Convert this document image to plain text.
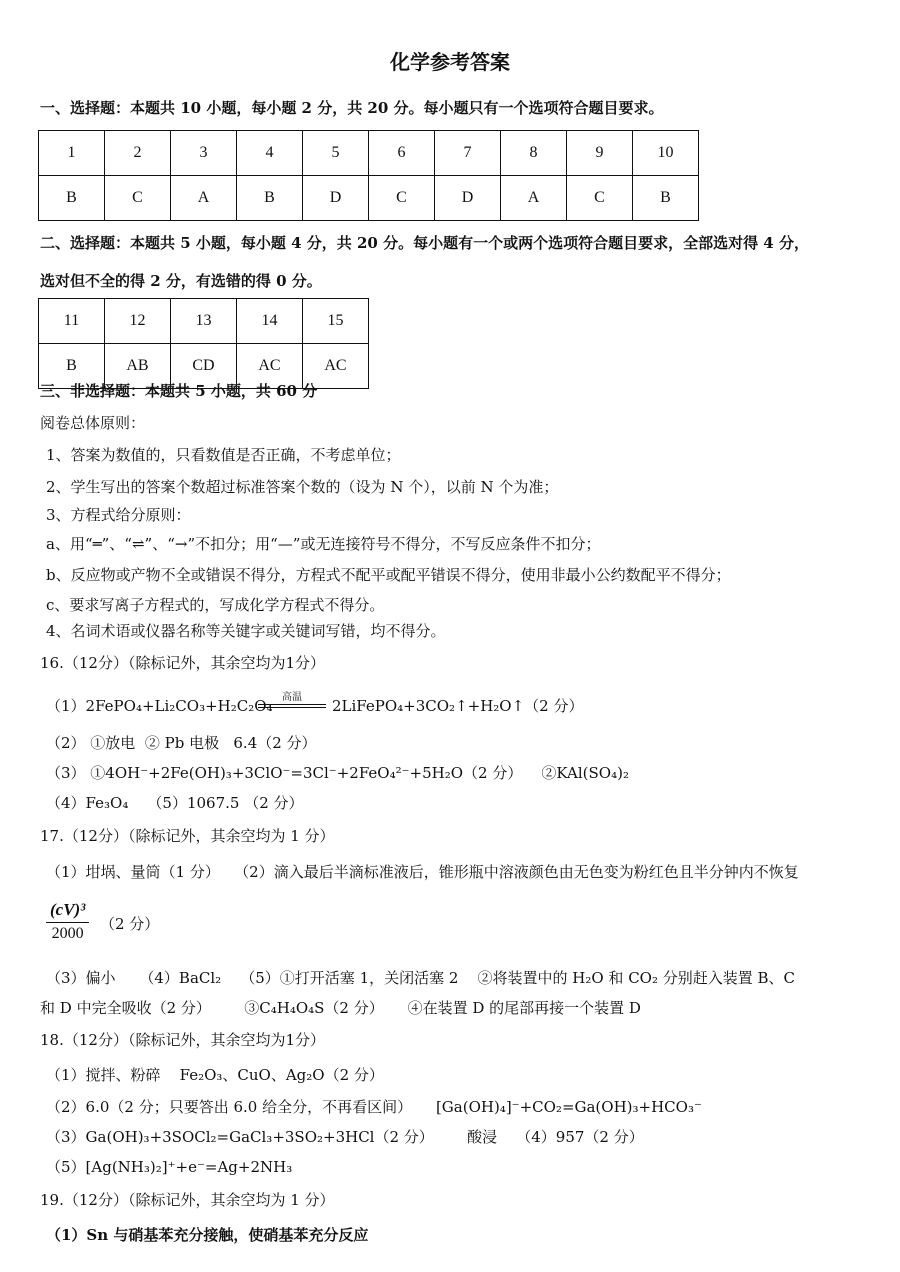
化学参考答案
一、选择题：本题共 10 小题，每小题 2 分，共 20 分。每小题只有一个选项符合题目要求。
1	2	3	4	5	6	7	8	9	10
B	C	A	B	D	C	D	A	C	B
二、选择题：本题共 5 小题，每小题 4 分，共 20 分。每小题有一个或两个选项符合题目要求，全部选对得 4 分，
选对但不全的得 2 分，有选错的得 0 分。
11	12	13	14	15
B	AB	CD	AC	AC
三、非选择题：本题共 5 小题，共 60 分
阅卷总体原则：
1、答案为数值的，只看数值是否正确，不考虑单位；
2、学生写出的答案个数超过标准答案个数的（设为 N 个），以前 N 个为准；
3、方程式给分原则：
a、用“═”、“⇌”、“→”不扣分；用“—”或无连接符号不得分，不写反应条件不扣分；
b、反应物或产物不全或错误不得分，方程式不配平或配平错误不得分，使用非最小公约数配平不得分；
c、要求写离子方程式的，写成化学方程式不得分。
4、名词术语或仪器名称等关键字或关键词写错，均不得分。
16.（12分）（除标记外，其余空均为1分）
（1）2FePO₄+Li₂CO₃+H₂C₂O₄ 高温	2LiFePO₄+3CO₂↑+H₂O↑（2 分）
（2） ①放电  ② Pb 电极   6.4（2 分）
（3） ①4OH⁻+2Fe(OH)₃+3ClO⁻=3Cl⁻+2FeO₄²⁻+5H₂O（2 分）    ②KAl(SO₄)₂
（4）Fe₃O₄    （5）1067.5 （2 分）
17.（12分）（除标记外，其余空均为 1 分）
（1）坩埚、量筒（1 分）   （2）滴入最后半滴标准液后，锥形瓶中溶液颜色由无色变为粉红色且半分钟内不恢复
$\frac{\text{(cV)³}}{2000} (2$ 分）
（3）偏小     （4）BaCl₂    （5）①打开活塞 1，关闭活塞 2    ②将装置中的 H₂O 和 CO₂ 分别赶入装置 B、C
和 D 中完全吸收（2 分）       ③C₄H₄O₄S（2 分）     ④在装置 D 的尾部再接一个装置 D
18.（12分）（除标记外，其余空均为1分）
（1）搅拌、粉碎    Fe₂O₃、CuO、Ag₂O（2 分）
（2）6.0（2 分；只要答出 6.0 给全分，不再看区间）     [Ga(OH)₄]⁻+CO₂=Ga(OH)₃+HCO₃⁻
（3）Ga(OH)₃+3SOCl₂=GaCl₃+3SO₂+3HCl（2 分）       酸浸    （4）957（2 分）
（5）[Ag(NH₃)₂]⁺+e⁻=Ag+2NH₃
19.（12分）（除标记外，其余空均为 1 分）
（1）Sn 与硝基苯充分接触，使硝基苯充分反应
